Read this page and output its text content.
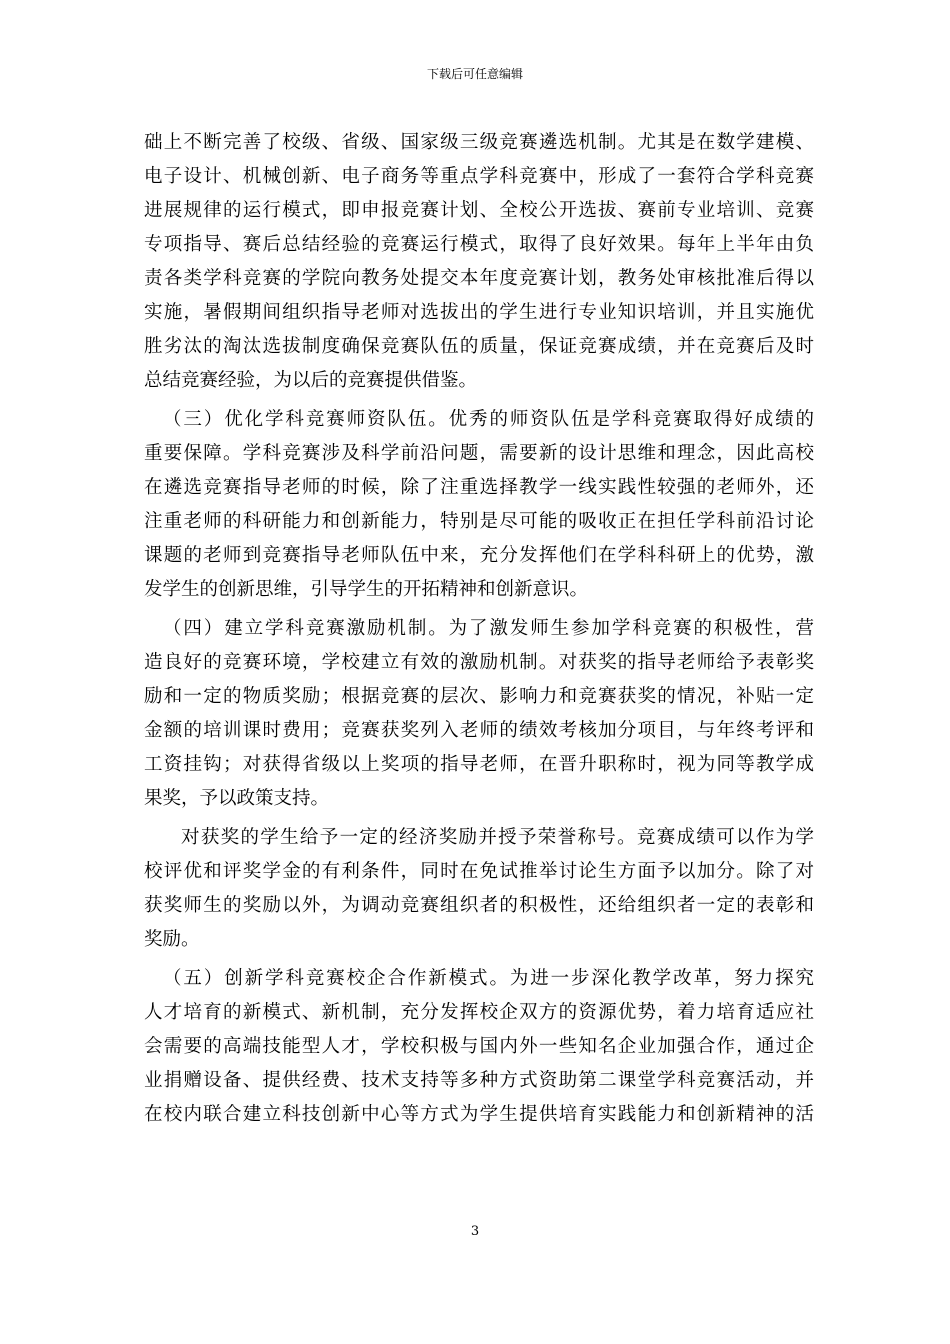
下载后可任意编辑
础上不断完善了校级、省级、国家级三级竞赛遴选机制。尤其是在数学建模、
电子设计、机械创新、电子商务等重点学科竞赛中，形成了一套符合学科竞赛
进展规律的运行模式，即申报竞赛计划、全校公开选拔、赛前专业培训、竞赛
专项指导、赛后总结经验的竞赛运行模式，取得了良好效果。每年上半年由负
责各类学科竞赛的学院向教务处提交本年度竞赛计划，教务处审核批准后得以
实施，暑假期间组织指导老师对选拔出的学生进行专业知识培训，并且实施优
胜劣汰的淘汰选拔制度确保竞赛队伍的质量，保证竞赛成绩，并在竞赛后及时
总结竞赛经验，为以后的竞赛提供借鉴。
（三）优化学科竞赛师资队伍。优秀的师资队伍是学科竞赛取得好成绩的
重要保障。学科竞赛涉及科学前沿问题，需要新的设计思维和理念，因此高校
在遴选竞赛指导老师的时候，除了注重选择教学一线实践性较强的老师外，还
注重老师的科研能力和创新能力，特别是尽可能的吸收正在担任学科前沿讨论
课题的老师到竞赛指导老师队伍中来，充分发挥他们在学科科研上的优势，激
发学生的创新思维，引导学生的开拓精神和创新意识。
（四）建立学科竞赛激励机制。为了激发师生参加学科竞赛的积极性，营
造良好的竞赛环境，学校建立有效的激励机制。对获奖的指导老师给予表彰奖
励和一定的物质奖励；根据竞赛的层次、影响力和竞赛获奖的情况，补贴一定
金额的培训课时费用；竞赛获奖列入老师的绩效考核加分项目，与年终考评和
工资挂钩；对获得省级以上奖项的指导老师，在晋升职称时，视为同等教学成
果奖，予以政策支持。
对获奖的学生给予一定的经济奖励并授予荣誉称号。竞赛成绩可以作为学
校评优和评奖学金的有利条件，同时在免试推举讨论生方面予以加分。除了对
获奖师生的奖励以外，为调动竞赛组织者的积极性，还给组织者一定的表彰和
奖励。
（五）创新学科竞赛校企合作新模式。为进一步深化教学改革，努力探究
人才培育的新模式、新机制，充分发挥校企双方的资源优势，着力培育适应社
会需要的高端技能型人才，学校积极与国内外一些知名企业加强合作，通过企
业捐赠设备、提供经费、技术支持等多种方式资助第二课堂学科竞赛活动，并
在校内联合建立科技创新中心等方式为学生提供培育实践能力和创新精神的活
3
